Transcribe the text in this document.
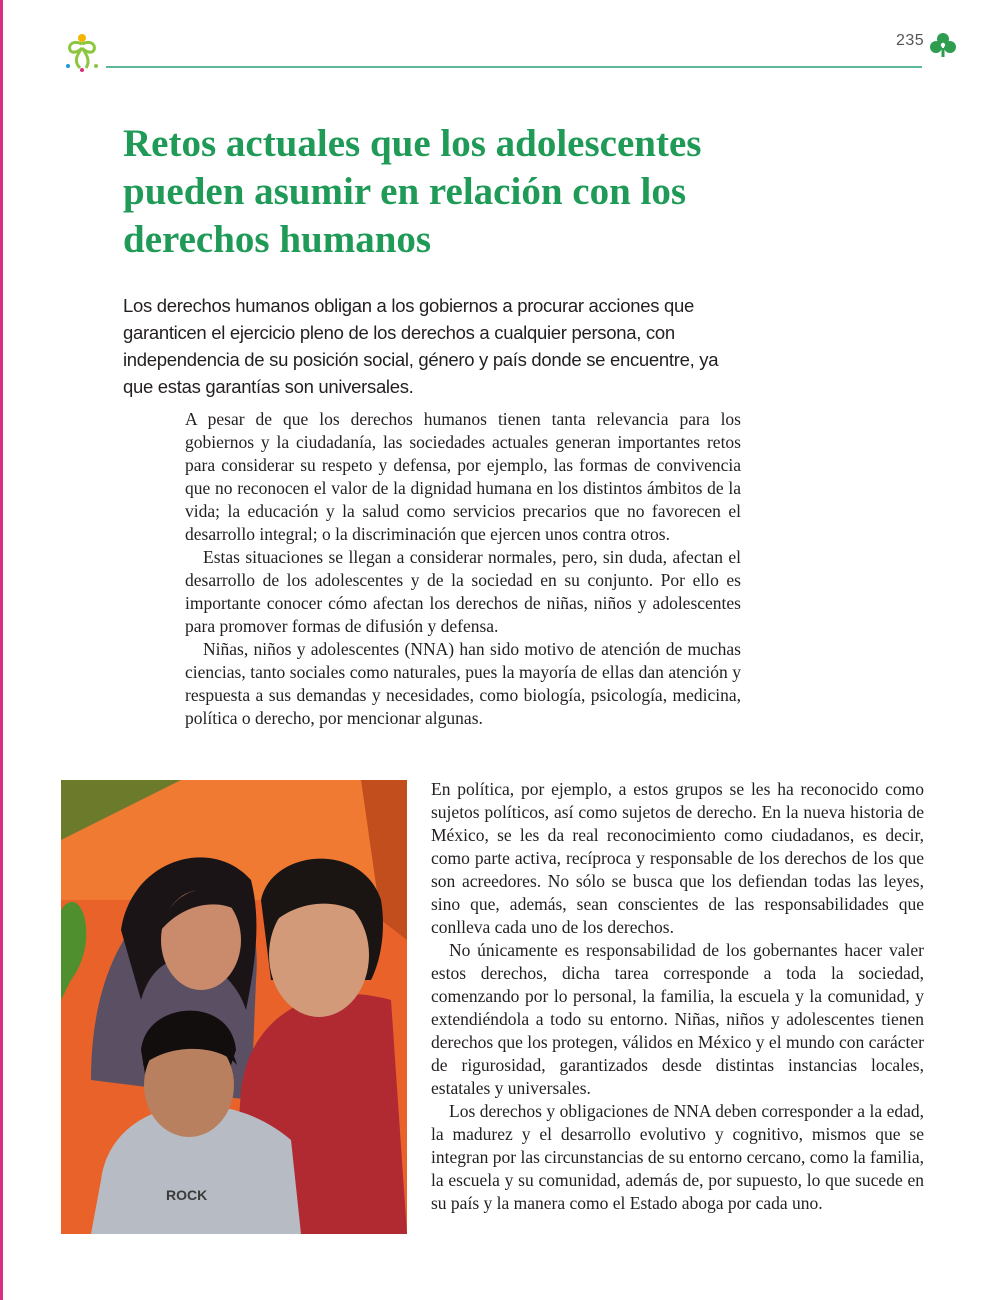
235
Retos actuales que los adolescentes pueden asumir en relación con los derechos humanos

Los derechos humanos obligan a los gobiernos a procurar acciones que garanticen el ejercicio pleno de los derechos a cualquier persona, con independencia de su posición social, género y país donde se encuentre, ya que estas garantías son universales.

A pesar de que los derechos humanos tienen tanta relevancia para los gobiernos y la ciudadanía, las sociedades actuales generan importantes retos para considerar su respeto y defensa, por ejemplo, las formas de convivencia que no reconocen el valor de la dignidad humana en los distintos ámbitos de la vida; la educación y la salud como servicios precarios que no favorecen el desarrollo integral; o la discriminación que ejercen unos contra otros.

Estas situaciones se llegan a considerar normales, pero, sin duda, afectan el desarrollo de los adolescentes y de la sociedad en su conjunto. Por ello es importante conocer cómo afectan los derechos de niñas, niños y adolescentes para promover formas de difusión y defensa.

Niñas, niños y adolescentes (NNA) han sido motivo de atención de muchas ciencias, tanto sociales como naturales, pues la mayoría de ellas dan atención y respuesta a sus demandas y necesidades, como biología, psicología, medicina, política o derecho, por mencionar algunas.

ROCK

En política, por ejemplo, a estos grupos se les ha reconocido como sujetos políticos, así como sujetos de derecho. En la nueva historia de México, se les da real reconocimiento como ciudadanos, es decir, como parte activa, recíproca y responsable de los derechos de los que son acreedores. No sólo se busca que los defiendan todas las leyes, sino que, además, sean conscientes de las responsabilidades que conlleva cada uno de los derechos.

No únicamente es responsabilidad de los gobernantes hacer valer estos derechos, dicha tarea corresponde a toda la sociedad, comenzando por lo personal, la familia, la escuela y la comunidad, y extendiéndola a todo su entorno. Niñas, niños y adolescentes tienen derechos que los protegen, válidos en México y el mundo con carácter de rigurosidad, garantizados desde distintas instancias locales, estatales y universales.

Los derechos y obligaciones de NNA deben corresponder a la edad, la madurez y el desarrollo evolutivo y cognitivo, mismos que se integran por las circunstancias de su entorno cercano, como la familia, la escuela y su comunidad, además de, por supuesto, lo que sucede en su país y la manera como el Estado aboga por cada uno.
